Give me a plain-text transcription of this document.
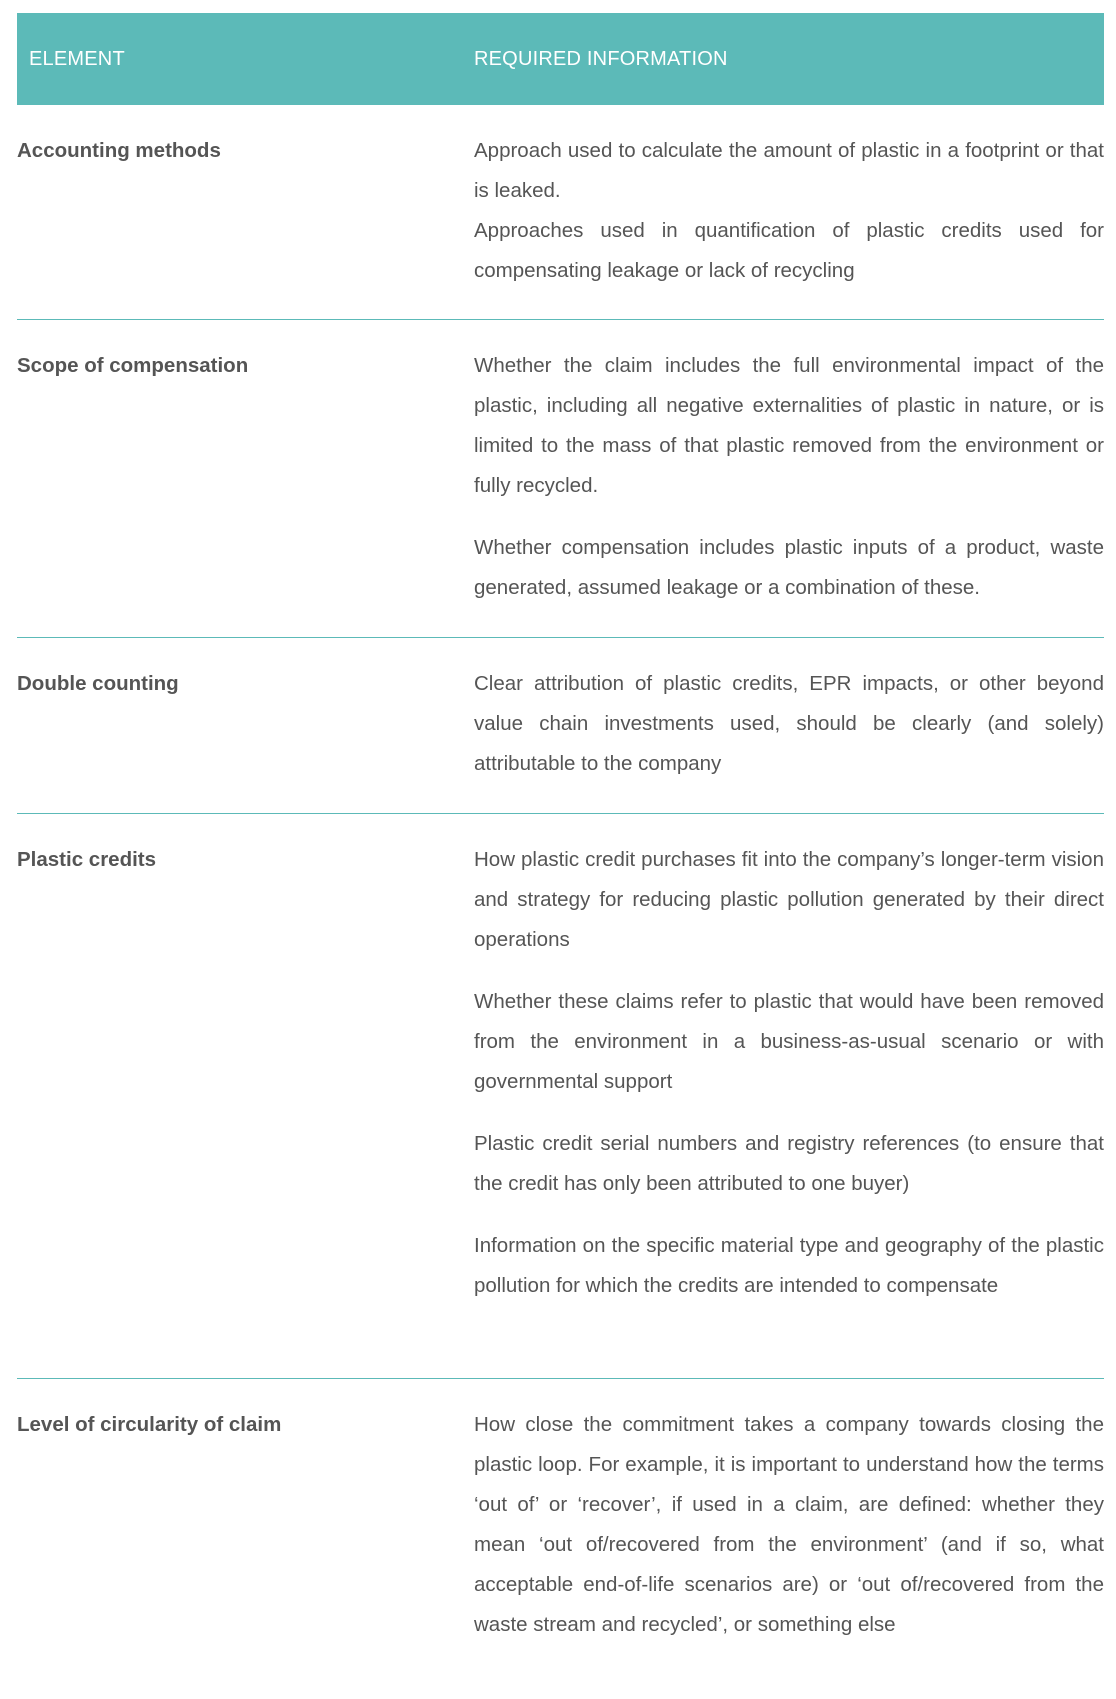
ELEMENT	REQUIRED INFORMATION
Accounting methods	Approach used to calculate the amount of plastic in a footprint or that is leaked.

Approaches used in quantification of plastic credits used for compensating leakage or lack of recycling

Scope of compensation	Whether the claim includes the full environmental impact of the plastic, including all negative externalities of plastic in nature, or is limited to the mass of that plastic removed from the environment or fully recycled.

Whether compensation includes plastic inputs of a product, waste generated, assumed leakage or a combination of these.

Double counting	Clear attribution of plastic credits, EPR impacts, or other beyond value chain investments used, should be clearly (and solely) attributable to the company

Plastic credits	How plastic credit purchases fit into the company’s longer-term vision and strategy for reducing plastic pollution generated by their direct operations

Whether these claims refer to plastic that would have been removed from the environment in a business-as-usual scenario or with governmental support

Plastic credit serial numbers and registry references (to ensure that the credit has only been attributed to one buyer)

Information on the specific material type and geography of the plastic pollution for which the credits are intended to compensate

Level of circularity of claim	How close the commitment takes a company towards closing the plastic loop. For example, it is important to understand how the terms ‘out of’ or ‘recover’, if used in a claim, are defined: whether they mean ‘out of/recovered from the environment’ (and if so, what acceptable end-of-life scenarios are) or ‘out of/recovered from the waste stream and recycled’, or something else
